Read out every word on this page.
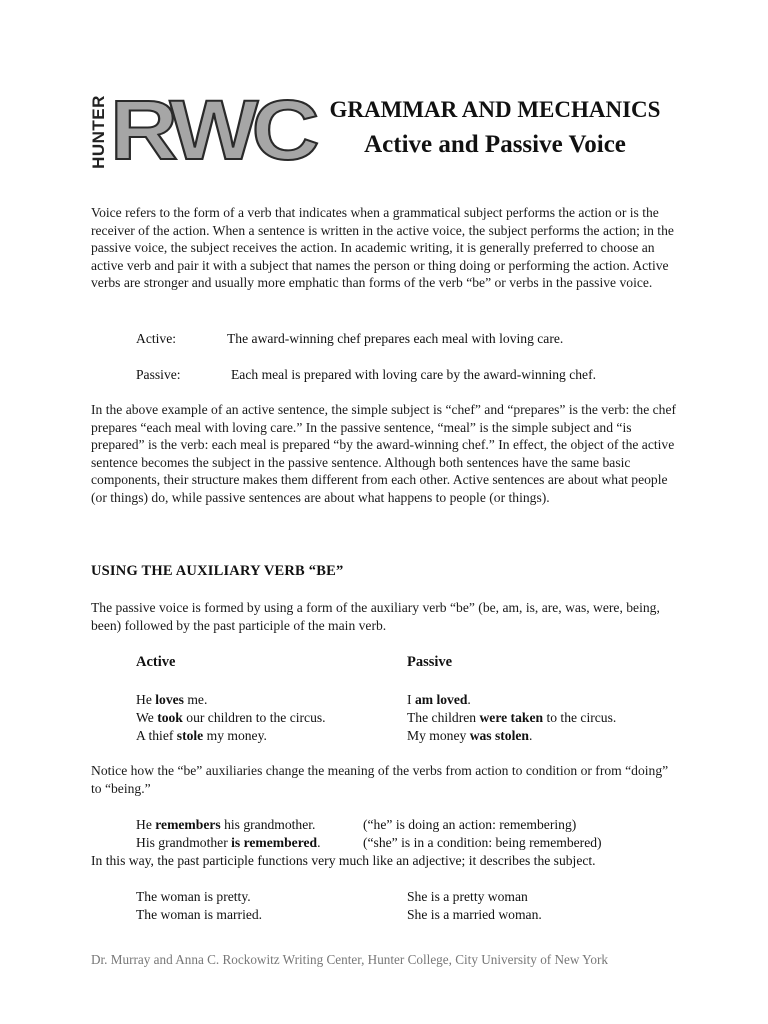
HUNTER RWC GRAMMAR AND MECHANICS
Active and Passive Voice

Voice refers to the form of a verb that indicates when a grammatical subject performs the action or is the receiver of the action. When a sentence is written in the active voice, the subject performs the action; in the passive voice, the subject receives the action. In academic writing, it is generally preferred to choose an active verb and pair it with a subject that names the person or thing doing or performing the action. Active verbs are stronger and usually more emphatic than forms of the verb “be” or verbs in the passive voice.

Active:	The award-winning chef prepares each meal with loving care.
Passive:	Each meal is prepared with loving care by the award-winning chef.

In the above example of an active sentence, the simple subject is “chef” and “prepares” is the verb: the chef prepares “each meal with loving care.” In the passive sentence, “meal” is the simple subject and “is prepared” is the verb: each meal is prepared “by the award-winning chef.” In effect, the object of the active sentence becomes the subject in the passive sentence. Although both sentences have the same basic components, their structure makes them different from each other. Active sentences are about what people (or things) do, while passive sentences are about what happens to people (or things).

USING THE AUXILIARY VERB “BE”

The passive voice is formed by using a form of the auxiliary verb “be” (be, am, is, are, was, were, being, been) followed by the past participle of the main verb.

Active	Passive
He loves me.	I am loved.
We took our children to the circus.	The children were taken to the circus.
A thief stole my money.	My money was stolen.

Notice how the “be” auxiliaries change the meaning of the verbs from action to condition or from “doing” to “being.”

He remembers his grandmother.	(“he” is doing an action: remembering)
His grandmother is remembered.	(“she” is in a condition: being remembered)
In this way, the past participle functions very much like an adjective; it describes the subject.
The woman is pretty.	She is a pretty woman
The woman is married.	She is a married woman.
Dr. Murray and Anna C. Rockowitz Writing Center, Hunter College, City University of New York
